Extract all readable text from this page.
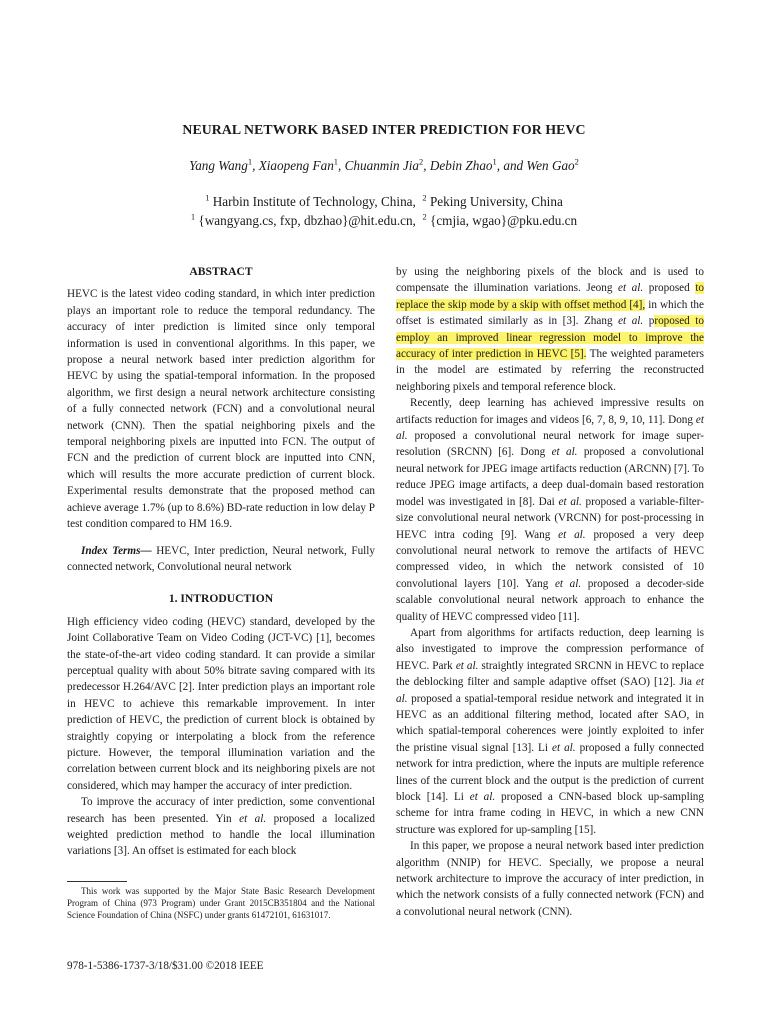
NEURAL NETWORK BASED INTER PREDICTION FOR HEVC
Yang Wang$^1$, Xiaopeng Fan$^1$, Chuanmin Jia$^2$, Debin Zhao$^1$, and Wen Gao$^2$
$^1$ Harbin Institute of Technology, China, $^2$ Peking University, China
$^1$ {wangyang.cs, fxp, dbzhao}@hit.edu.cn, $^2$ {cmjia, wgao}@pku.edu.cn
ABSTRACT

HEVC is the latest video coding standard, in which inter prediction plays an important role to reduce the temporal redundancy. The accuracy of inter prediction is limited since only temporal information is used in conventional algorithms. In this paper, we propose a neural network based inter prediction algorithm for HEVC by using the spatial-temporal information. In the proposed algorithm, we first design a neural network architecture consisting of a fully connected network (FCN) and a convolutional neural network (CNN). Then the spatial neighboring pixels and the temporal neighboring pixels are inputted into FCN. The output of FCN and the prediction of current block are inputted into CNN, which will results the more accurate prediction of current block. Experimental results demonstrate that the proposed method can achieve average 1.7% (up to 8.6%) BD-rate reduction in low delay P test condition compared to HM 16.9.

Index Terms— HEVC, Inter prediction, Neural network, Fully connected network, Convolutional neural network

1. INTRODUCTION

High efficiency video coding (HEVC) standard, developed by the Joint Collaborative Team on Video Coding (JCT-VC) [1], becomes the state-of-the-art video coding standard. It can provide a similar perceptual quality with about 50% bitrate saving compared with its predecessor H.264/AVC [2]. Inter prediction plays an important role in HEVC to achieve this remarkable improvement. In inter prediction of HEVC, the prediction of current block is obtained by straightly copying or interpolating a block from the reference picture. However, the temporal illumination variation and the correlation between current block and its neighboring pixels are not considered, which may hamper the accuracy of inter prediction.

To improve the accuracy of inter prediction, some conventional research has been presented. Yin et al. proposed a localized weighted prediction method to handle the local illumination variations [3]. An offset is estimated for each block

by using the neighboring pixels of the block and is used to compensate the illumination variations. Jeong et al. proposed to replace the skip mode by a skip with offset method [4], in which the offset is estimated similarly as in [3]. Zhang et al. proposed to employ an improved linear regression model to improve the accuracy of inter prediction in HEVC [5]. The weighted parameters in the model are estimated by referring the reconstructed neighboring pixels and temporal reference block.

Recently, deep learning has achieved impressive results on artifacts reduction for images and videos [6, 7, 8, 9, 10, 11]. Dong et al. proposed a convolutional neural network for image super-resolution (SRCNN) [6]. Dong et al. proposed a convolutional neural network for JPEG image artifacts reduction (ARCNN) [7]. To reduce JPEG image artifacts, a deep dual-domain based restoration model was investigated in [8]. Dai et al. proposed a variable-filter-size convolutional neural network (VRCNN) for post-processing in HEVC intra coding [9]. Wang et al. proposed a very deep convolutional neural network to remove the artifacts of HEVC compressed video, in which the network consisted of 10 convolutional layers [10]. Yang et al. proposed a decoder-side scalable convolutional neural network approach to enhance the quality of HEVC compressed video [11].

Apart from algorithms for artifacts reduction, deep learning is also investigated to improve the compression performance of HEVC. Park et al. straightly integrated SRCNN in HEVC to replace the deblocking filter and sample adaptive offset (SAO) [12]. Jia et al. proposed a spatial-temporal residue network and integrated it in HEVC as an additional filtering method, located after SAO, in which spatial-temporal coherences were jointly exploited to infer the pristine visual signal [13]. Li et al. proposed a fully connected network for intra prediction, where the inputs are multiple reference lines of the current block and the output is the prediction of current block [14]. Li et al. proposed a CNN-based block up-sampling scheme for intra frame coding in HEVC, in which a new CNN structure was explored for up-sampling [15].

In this paper, we propose a neural network based inter prediction algorithm (NNIP) for HEVC. Specially, we propose a neural network architecture to improve the accuracy of inter prediction, in which the network consists of a fully connected network (FCN) and a convolutional neural network (CNN).

This work was supported by the Major State Basic Research Development Program of China (973 Program) under Grant 2015CB351804 and the National Science Foundation of China (NSFC) under grants 61472101, 61631017.
978-1-5386-1737-3/18/$31.00 ©2018 IEEE
